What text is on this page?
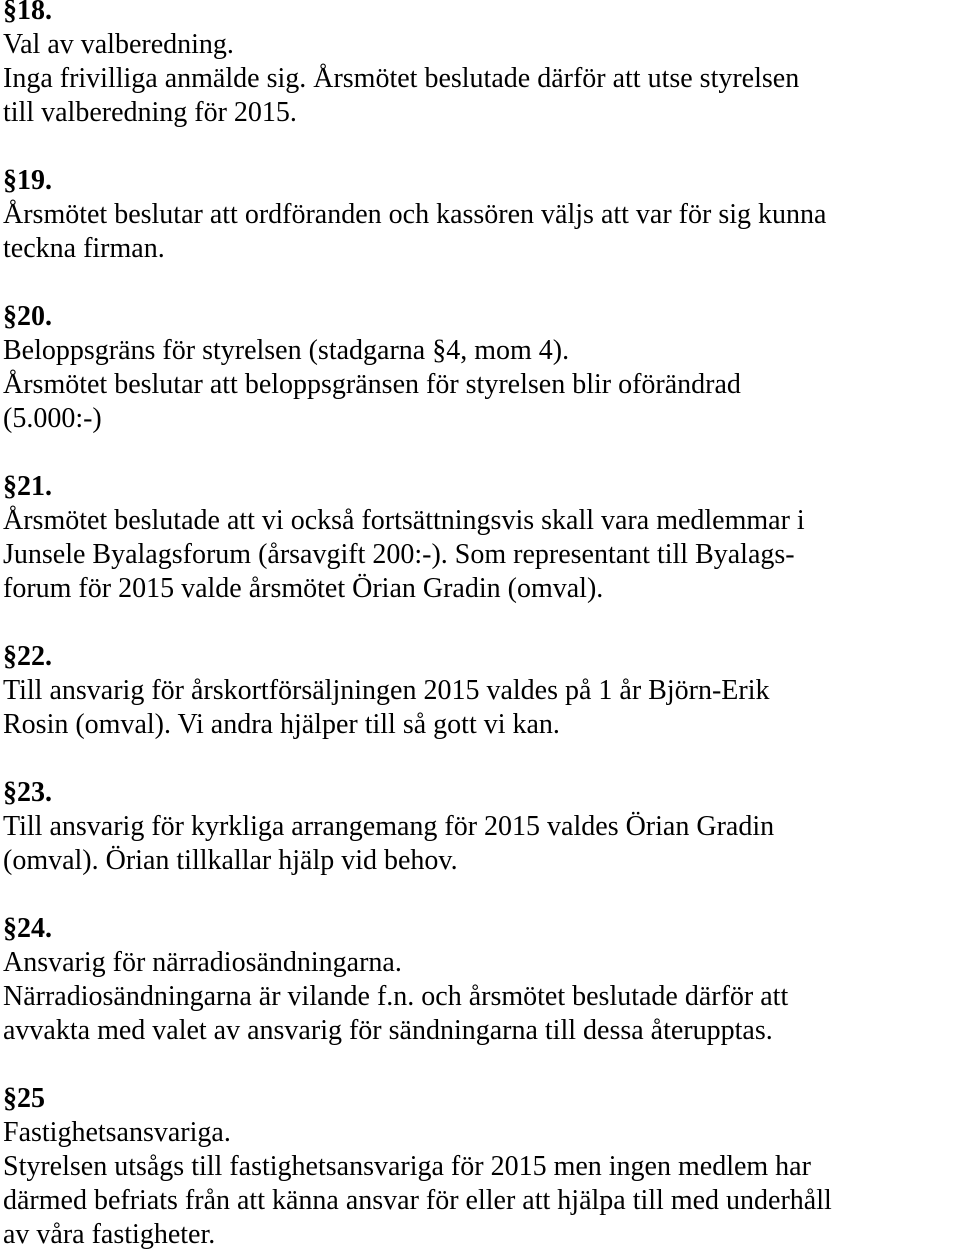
§18.
Val av valberedning.
Inga frivilliga anmälde sig. Årsmötet beslutade därför att utse styrelsen
till valberedning för 2015.
§19.
Årsmötet beslutar att ordföranden och kassören väljs att var för sig kunna
teckna firman.
§20.
Beloppsgräns för styrelsen (stadgarna §4, mom 4).
Årsmötet beslutar att beloppsgränsen för styrelsen blir oförändrad
(5.000:-)
§21.
Årsmötet beslutade att vi också fortsättningsvis skall vara medlemmar i
Junsele Byalagsforum (årsavgift 200:-). Som representant till Byalags-
forum för 2015 valde årsmötet Örian Gradin (omval).
§22.
Till ansvarig för årskortförsäljningen 2015 valdes på 1 år Björn-Erik
Rosin (omval). Vi andra hjälper till så gott vi kan.
§23.
Till ansvarig för kyrkliga arrangemang för 2015 valdes Örian Gradin
(omval). Örian tillkallar hjälp vid behov.
§24.
Ansvarig för närradiosändningarna.
Närradiosändningarna är vilande f.n. och årsmötet beslutade därför att
avvakta med valet av ansvarig för sändningarna till dessa återupptas.
§25
Fastighetsansvariga.
Styrelsen utsågs till fastighetsansvariga för 2015 men ingen medlem har
därmed befriats från att känna ansvar för eller att hjälpa till med underhåll
av våra fastigheter.
